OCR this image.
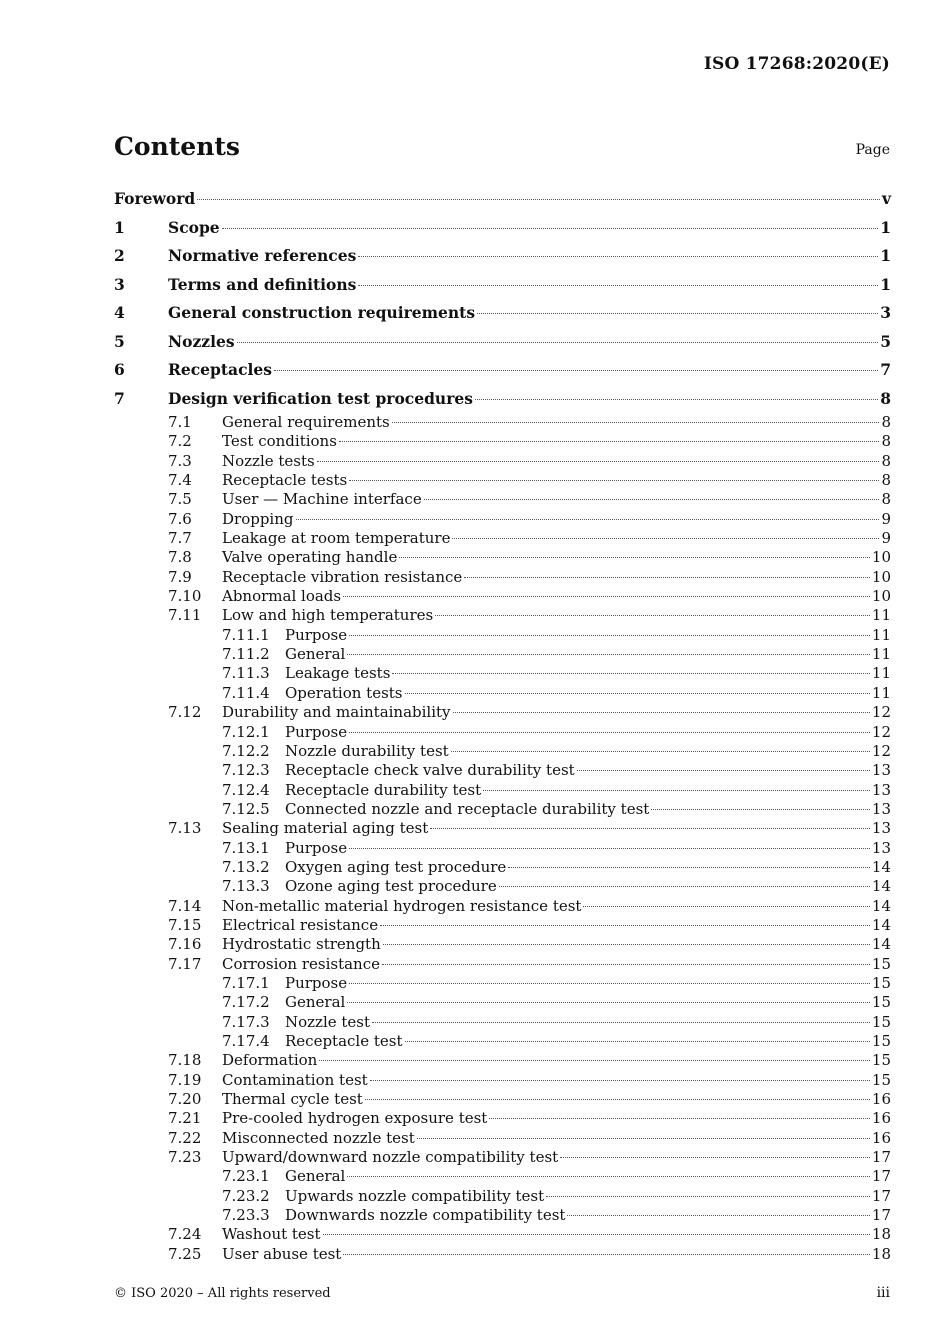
ISO 17268:2020(E)
Contents	Page
Foreword	v
1	Scope	1
2	Normative references	1
3	Terms and definitions	1
4	General construction requirements	3
5	Nozzles	5
6	Receptacles	7
7	Design verification test procedures	8
7.1	General requirements	8
7.2	Test conditions	8
7.3	Nozzle tests	8
7.4	Receptacle tests	8
7.5	User — Machine interface	8
7.6	Dropping	9
7.7	Leakage at room temperature	9
7.8	Valve operating handle	10
7.9	Receptacle vibration resistance	10
7.10	Abnormal loads	10
7.11	Low and high temperatures	11
7.11.1	Purpose	11
7.11.2	General	11
7.11.3	Leakage tests	11
7.11.4	Operation tests	11
7.12	Durability and maintainability	12
7.12.1	Purpose	12
7.12.2	Nozzle durability test	12
7.12.3	Receptacle check valve durability test	13
7.12.4	Receptacle durability test	13
7.12.5	Connected nozzle and receptacle durability test	13
7.13	Sealing material aging test	13
7.13.1	Purpose	13
7.13.2	Oxygen aging test procedure	14
7.13.3	Ozone aging test procedure	14
7.14	Non-metallic material hydrogen resistance test	14
7.15	Electrical resistance	14
7.16	Hydrostatic strength	14
7.17	Corrosion resistance	15
7.17.1	Purpose	15
7.17.2	General	15
7.17.3	Nozzle test	15
7.17.4	Receptacle test	15
7.18	Deformation	15
7.19	Contamination test	15
7.20	Thermal cycle test	16
7.21	Pre-cooled hydrogen exposure test	16
7.22	Misconnected nozzle test	16
7.23	Upward/downward nozzle compatibility test	17
7.23.1	General	17
7.23.2	Upwards nozzle compatibility test	17
7.23.3	Downwards nozzle compatibility test	17
7.24	Washout test	18
7.25	User abuse test	18
© ISO 2020 – All rights reserved	iii
